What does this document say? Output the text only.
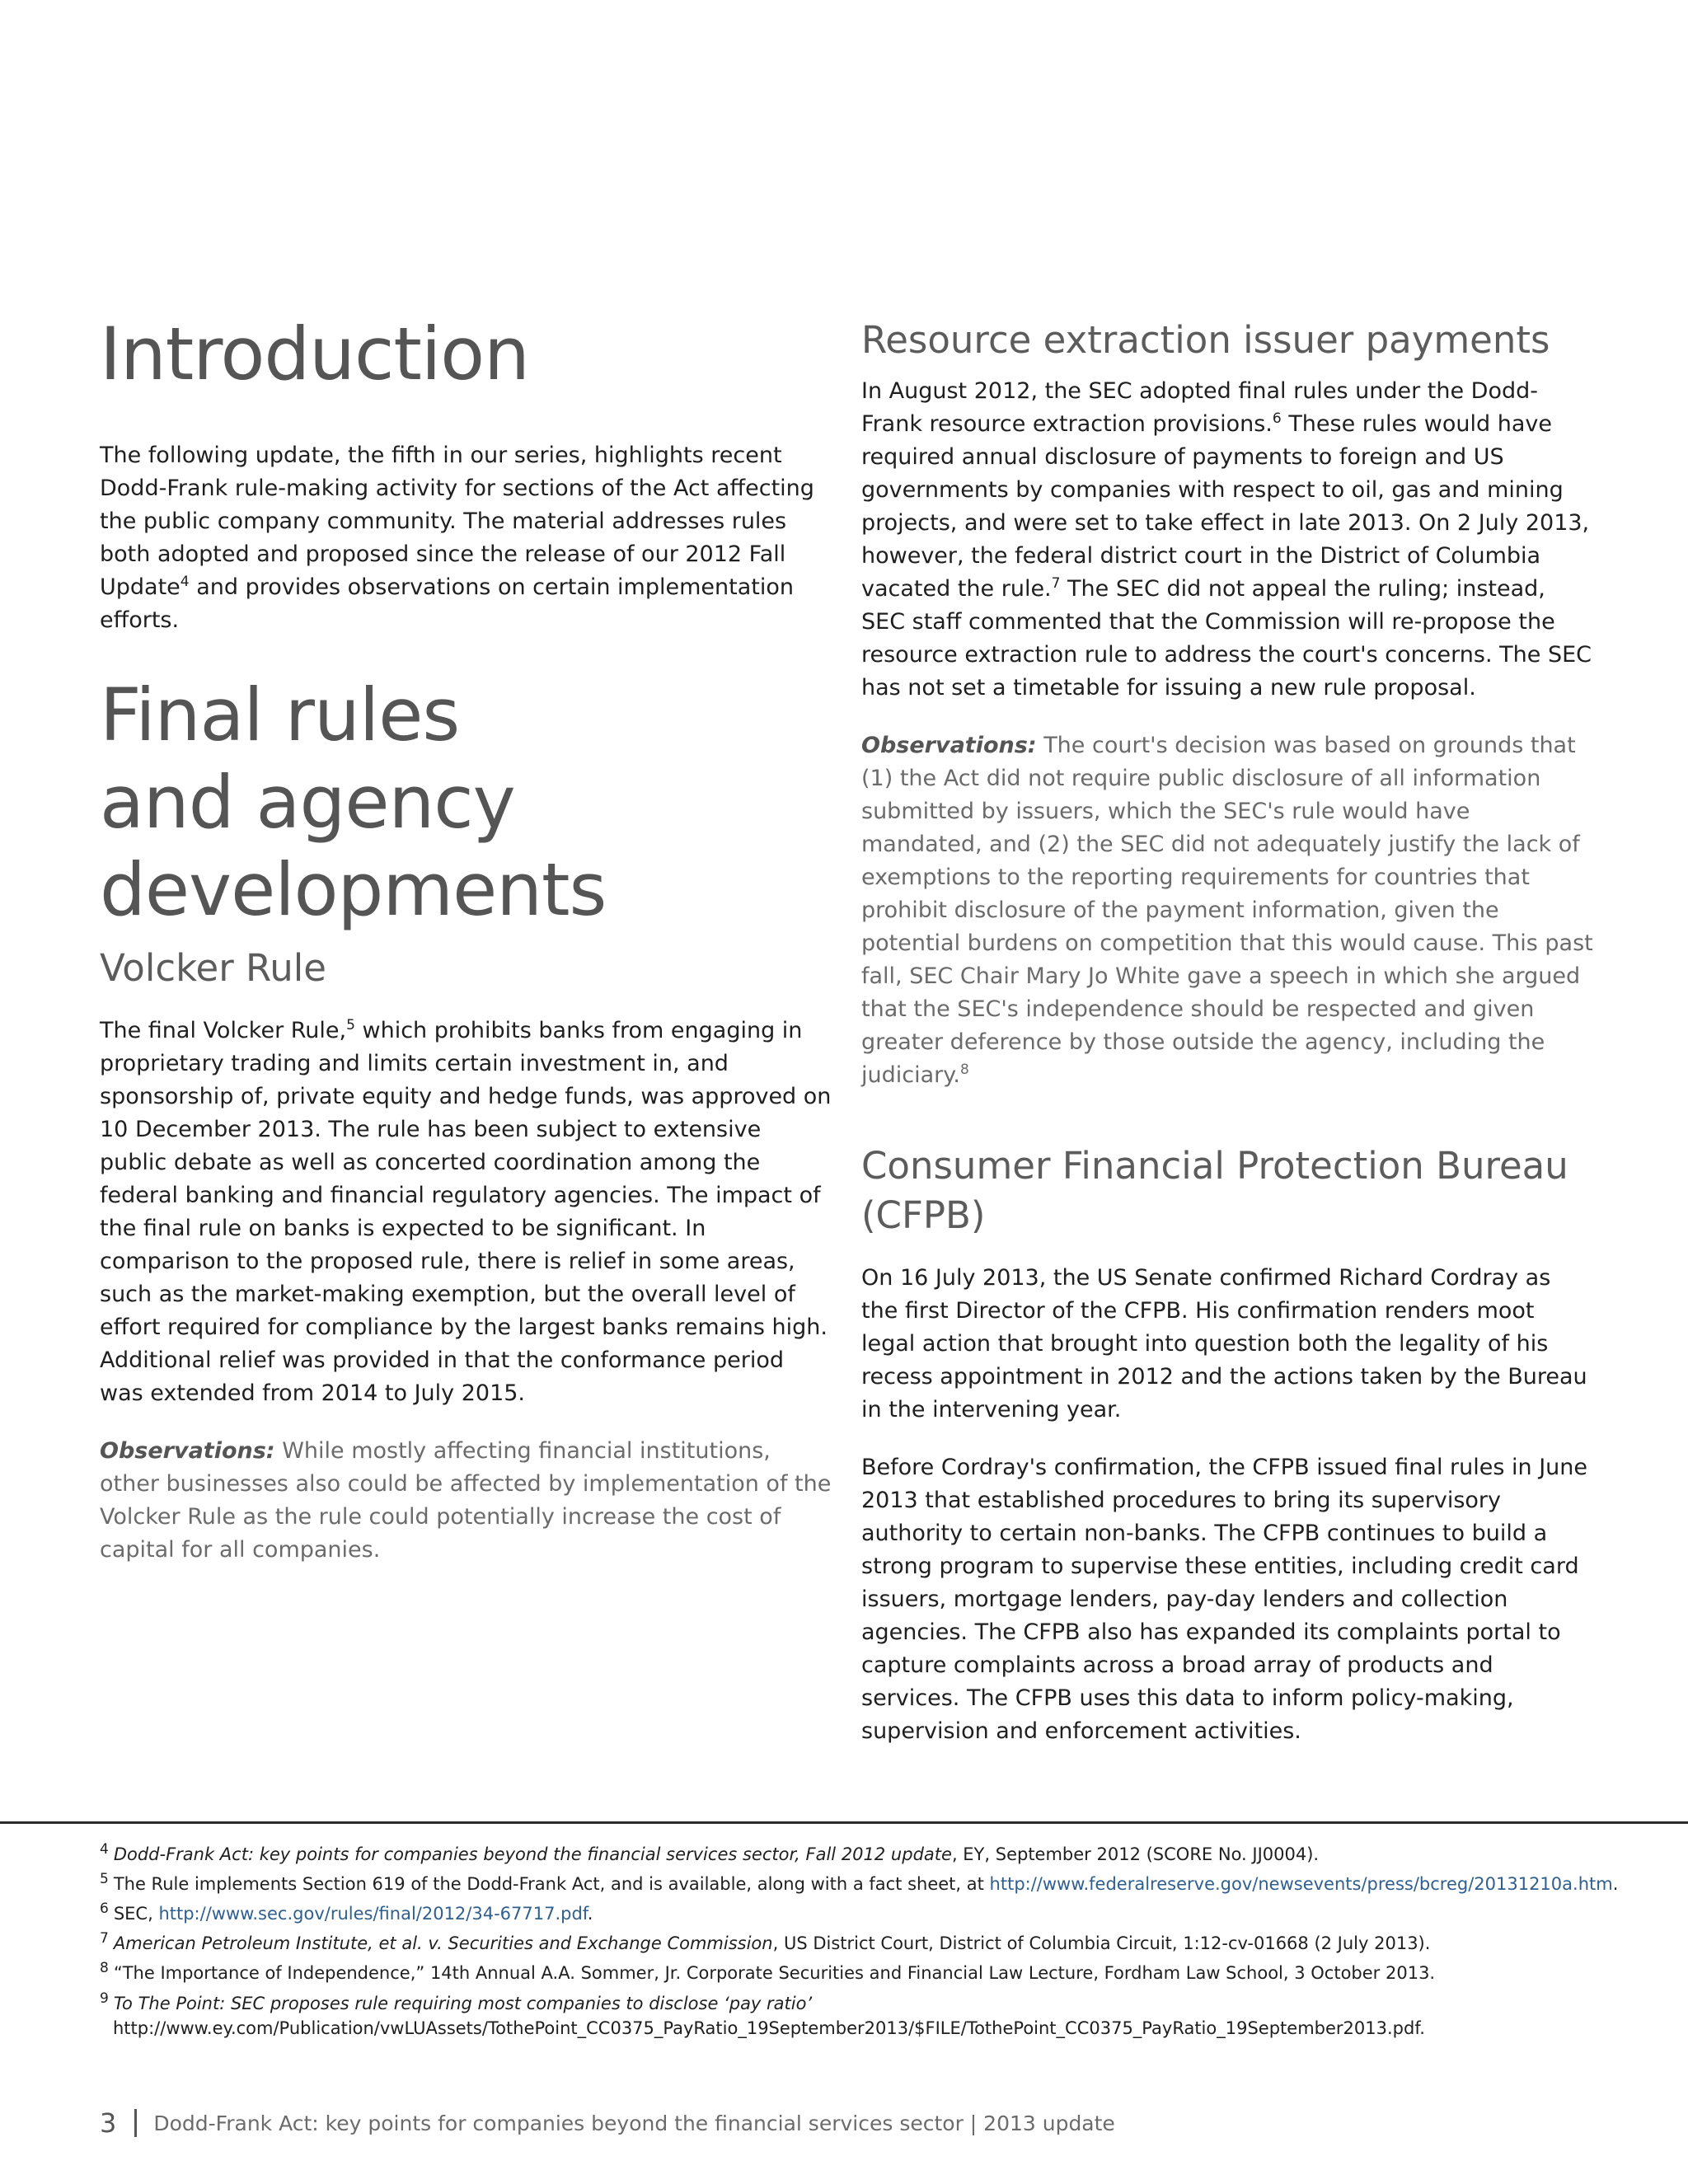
Introduction

The following update, the fifth in our series, highlights recent Dodd-Frank rule-making activity for sections of the Act affecting the public company community. The material addresses rules both adopted and proposed since the release of our 2012 Fall Update$^4$ and provides observations on certain implementation efforts.

Final rules
and agency
developments
Volcker Rule

The final Volcker Rule,$^5$ which prohibits banks from engaging in proprietary trading and limits certain investment in, and sponsorship of, private equity and hedge funds, was approved on 10 December 2013. The rule has been subject to extensive public debate as well as concerted coordination among the federal banking and financial regulatory agencies. The impact of the final rule on banks is expected to be significant. In comparison to the proposed rule, there is relief in some areas, such as the market-making exemption, but the overall level of effort required for compliance by the largest banks remains high. Additional relief was provided in that the conformance period was extended from 2014 to July 2015.

Observations: While mostly affecting financial institutions, other businesses also could be affected by implementation of the Volcker Rule as the rule could potentially increase the cost of capital for all companies.

Resource extraction issuer payments

In August 2012, the SEC adopted final rules under the Dodd-Frank resource extraction provisions.$^6$ These rules would have required annual disclosure of payments to foreign and US governments by companies with respect to oil, gas and mining projects, and were set to take effect in late 2013. On 2 July 2013, however, the federal district court in the District of Columbia vacated the rule.$^7$ The SEC did not appeal the ruling; instead, SEC staff commented that the Commission will re-propose the resource extraction rule to address the court's concerns. The SEC has not set a timetable for issuing a new rule proposal.

Observations: The court's decision was based on grounds that (1) the Act did not require public disclosure of all information submitted by issuers, which the SEC's rule would have mandated, and (2) the SEC did not adequately justify the lack of exemptions to the reporting requirements for countries that prohibit disclosure of the payment information, given the potential burdens on competition that this would cause. This past fall, SEC Chair Mary Jo White gave a speech in which she argued that the SEC's independence should be respected and given greater deference by those outside the agency, including the judiciary.$^8$

Consumer Financial Protection Bureau
(CFPB)

On 16 July 2013, the US Senate confirmed Richard Cordray as the first Director of the CFPB. His confirmation renders moot legal action that brought into question both the legality of his recess appointment in 2012 and the actions taken by the Bureau in the intervening year.

Before Cordray's confirmation, the CFPB issued final rules in June 2013 that established procedures to bring its supervisory authority to certain non-banks. The CFPB continues to build a strong program to supervise these entities, including credit card issuers, mortgage lenders, pay-day lenders and collection agencies. The CFPB also has expanded its complaints portal to capture complaints across a broad array of products and services. The CFPB uses this data to inform policy-making, supervision and enforcement activities.

$^4$ Dodd-Frank Act: key points for companies beyond the financial services sector, Fall 2012 update, EY, September 2012 (SCORE No. JJ0004).

$^5$ The Rule implements Section 619 of the Dodd-Frank Act, and is available, along with a fact sheet, at http://www.federalreserve.gov/newsevents/press/bcreg/20131210a.htm.

$^6$ SEC, http://www.sec.gov/rules/final/2012/34-67717.pdf.

$^7$ American Petroleum Institute, et al. v. Securities and Exchange Commission, US District Court, District of Columbia Circuit, 1:12-cv-01668 (2 July 2013).

$^8$ “The Importance of Independence,” 14th Annual A.A. Sommer, Jr. Corporate Securities and Financial Law Lecture, Fordham Law School, 3 October 2013.

$^9$ To The Point: SEC proposes rule requiring most companies to disclose ‘pay ratio’

http://www.ey.com/Publication/vwLUAssets/TothePoint_CC0375_PayRatio_19September2013/$FILE/TothePoint_CC0375_PayRatio_19September2013.pdf.

3 Dodd-Frank Act: key points for companies beyond the financial services sector | 2013 update
